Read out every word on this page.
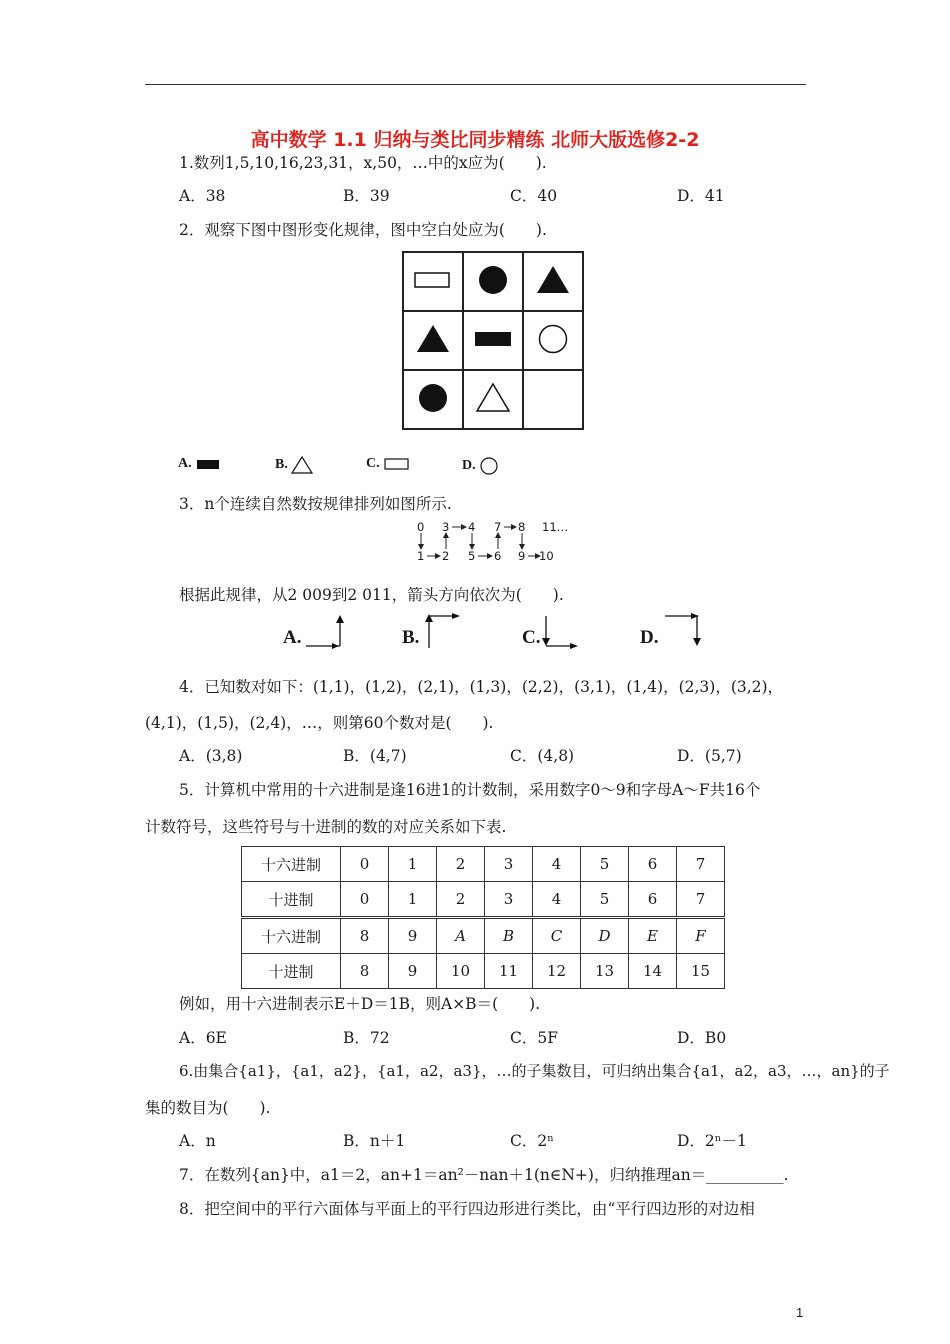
高中数学 1.1 归纳与类比同步精练 北师大版选修2-2
1.数列1,5,10,16,23,31，x,50，…中的x应为(　　).
A．38	B．39	C．40	D．41
2．观察下图中图形变化规律，图中空白处应为(　　).

A.	B.	C.	D.
3．n个连续自然数按规律排列如图所示.
0 3 4 7 8 11…
1 2 5 6 9 10
根据此规律，从2 009到2 011，箭头方向依次为(　　).
A.	B.	C.	D.
4．已知数对如下：(1,1)，(1,2)，(2,1)，(1,3)，(2,2)，(3,1)，(1,4)，(2,3)，(3,2)，
(4,1)，(1,5)，(2,4)，…，则第60个数对是(　　).
A．(3,8)	B．(4,7)	C．(4,8)	D．(5,7)
5．计算机中常用的十六进制是逢16进1的计数制，采用数字0～9和字母A～F共16个
计数符号，这些符号与十进制的数的对应关系如下表.
十六进制	0	1	2	3	4	5	6	7
十进制	0	1	2	3	4	5	6	7
十六进制	8	9	A	B	C	D	E	F
十进制	8	9	10	11	12	13	14	15
例如，用十六进制表示E＋D＝1B，则A×B＝(　　).
A．6E	B．72	C．5F	D．B0
6.由集合{a1}，{a1，a2}，{a1，a2，a3}，…的子集数目，可归纳出集合{a1，a2，a3，…，an}的子
集的数目为(　　).
A．n	B．n＋1	C．2ⁿ	D．2ⁿ－1
7．在数列{an}中，a1＝2，an+1＝an²－nan＋1(n∈N+)，归纳推理an＝__________.
8．把空间中的平行六面体与平面上的平行四边形进行类比，由“平行四边形的对边相
1
